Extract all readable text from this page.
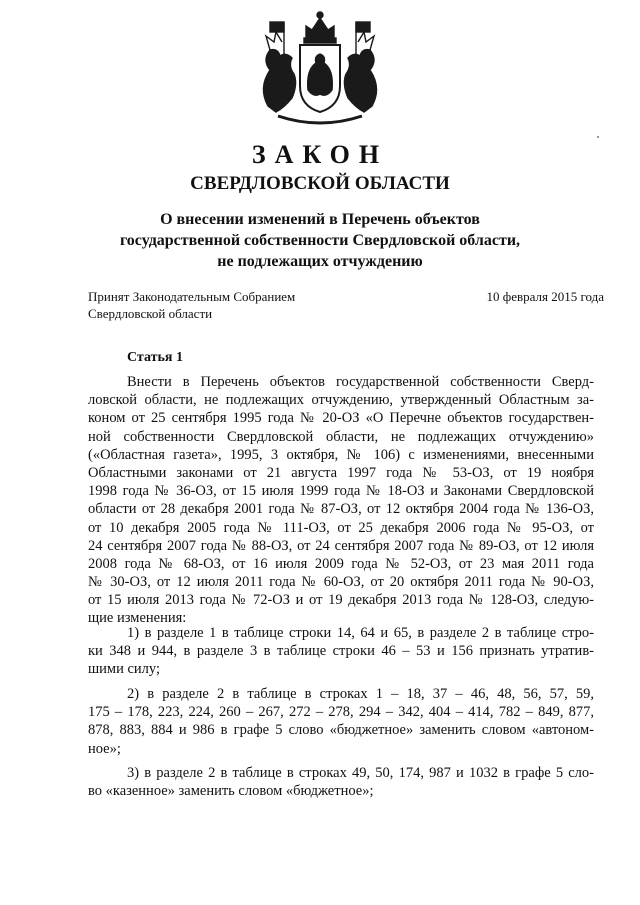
ЗАКОН
СВЕРДЛОВСКОЙ ОБЛАСТИ
О внесении изменений в Перечень объектов
государственной собственности Свердловской области,
не подлежащих отчуждению
Принят Законодательным Собранием
Свердловской области
10 февраля 2015 года
Статья 1
Внести в Перечень объектов государственной собственности Сверд-
ловской области, не подлежащих отчуждению, утвержденный Областным за-
коном от 25 сентября 1995 года № 20-ОЗ «О Перечне объектов государствен-
ной собственности Свердловской области, не подлежащих отчуждению»
(«Областная газета», 1995, 3 октября, № 106) с изменениями, внесенными
Областными законами от 21 августа 1997 года № 53-ОЗ, от 19 ноября
1998 года № 36-ОЗ, от 15 июля 1999 года № 18-ОЗ и Законами Свердловской
области от 28 декабря 2001 года № 87-ОЗ, от 12 октября 2004 года № 136-ОЗ,
от 10 декабря 2005 года № 111-ОЗ, от 25 декабря 2006 года № 95-ОЗ, от
24 сентября 2007 года № 88-ОЗ, от 24 сентября 2007 года № 89-ОЗ, от 12 июля
2008 года № 68-ОЗ, от 16 июля 2009 года № 52-ОЗ, от 23 мая 2011 года
№ 30-ОЗ, от 12 июля 2011 года № 60-ОЗ, от 20 октября 2011 года № 90-ОЗ,
от 15 июля 2013 года № 72-ОЗ и от 19 декабря 2013 года № 128-ОЗ, следую-
щие изменения:
1) в разделе 1 в таблице строки 14, 64 и 65, в разделе 2 в таблице стро-
ки 348 и 944, в разделе 3 в таблице строки 46 – 53 и 156 признать утратив-
шими силу;
2) в разделе 2 в таблице в строках 1 – 18, 37 – 46, 48, 56, 57, 59,
175 – 178, 223, 224, 260 – 267, 272 – 278, 294 – 342, 404 – 414, 782 – 849, 877,
878, 883, 884 и 986 в графе 5 слово «бюджетное» заменить словом «автоном-
ное»;
3) в разделе 2 в таблице в строках 49, 50, 174, 987 и 1032 в графе 5 сло-
во «казенное» заменить словом «бюджетное»;
